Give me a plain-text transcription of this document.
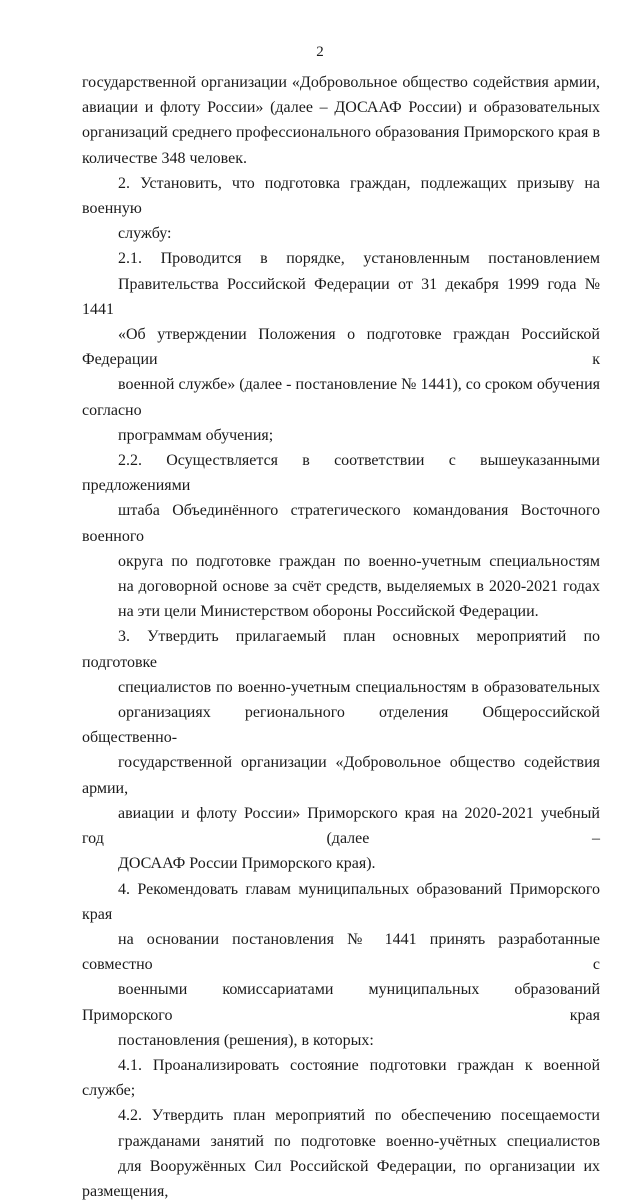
2

государственной организации «Добровольное общество содействия армии,
авиации и флоту России» (далее – ДОСААФ России) и образовательных
организаций среднего профессионального образования Приморского края в
количестве 348 человек.

2. Установить, что подготовка граждан, подлежащих призыву на военную
службу:

2.1. Проводится в порядке, установленным постановлением
Правительства Российской Федерации от 31 декабря 1999 года № 1441
«Об утверждении Положения о подготовке граждан Российской Федерации к
военной службе» (далее - постановление № 1441), со сроком обучения согласно
программам обучения;

2.2. Осуществляется в соответствии с вышеуказанными предложениями
штаба Объединённого стратегического командования Восточного военного
округа по подготовке граждан по военно-учетным специальностям
на договорной основе за счёт средств, выделяемых в 2020-2021 годах
на эти цели Министерством обороны Российской Федерации.

3. Утвердить прилагаемый план основных мероприятий по подготовке
специалистов по военно-учетным специальностям в образовательных
организациях регионального отделения Общероссийской общественно-
государственной организации «Добровольное общество содействия армии,
авиации и флоту России» Приморского края на 2020-2021 учебный год (далее –
ДОСААФ России Приморского края).

4. Рекомендовать главам муниципальных образований Приморского края
на основании постановления № 1441 принять разработанные совместно с
военными комиссариатами муниципальных образований Приморского края
постановления (решения), в которых:

4.1. Проанализировать состояние подготовки граждан к военной службе;

4.2. Утвердить план мероприятий по обеспечению посещаемости
гражданами занятий по подготовке военно-учётных специалистов
для Вооружённых Сил Российской Федерации, по организации их размещения,
